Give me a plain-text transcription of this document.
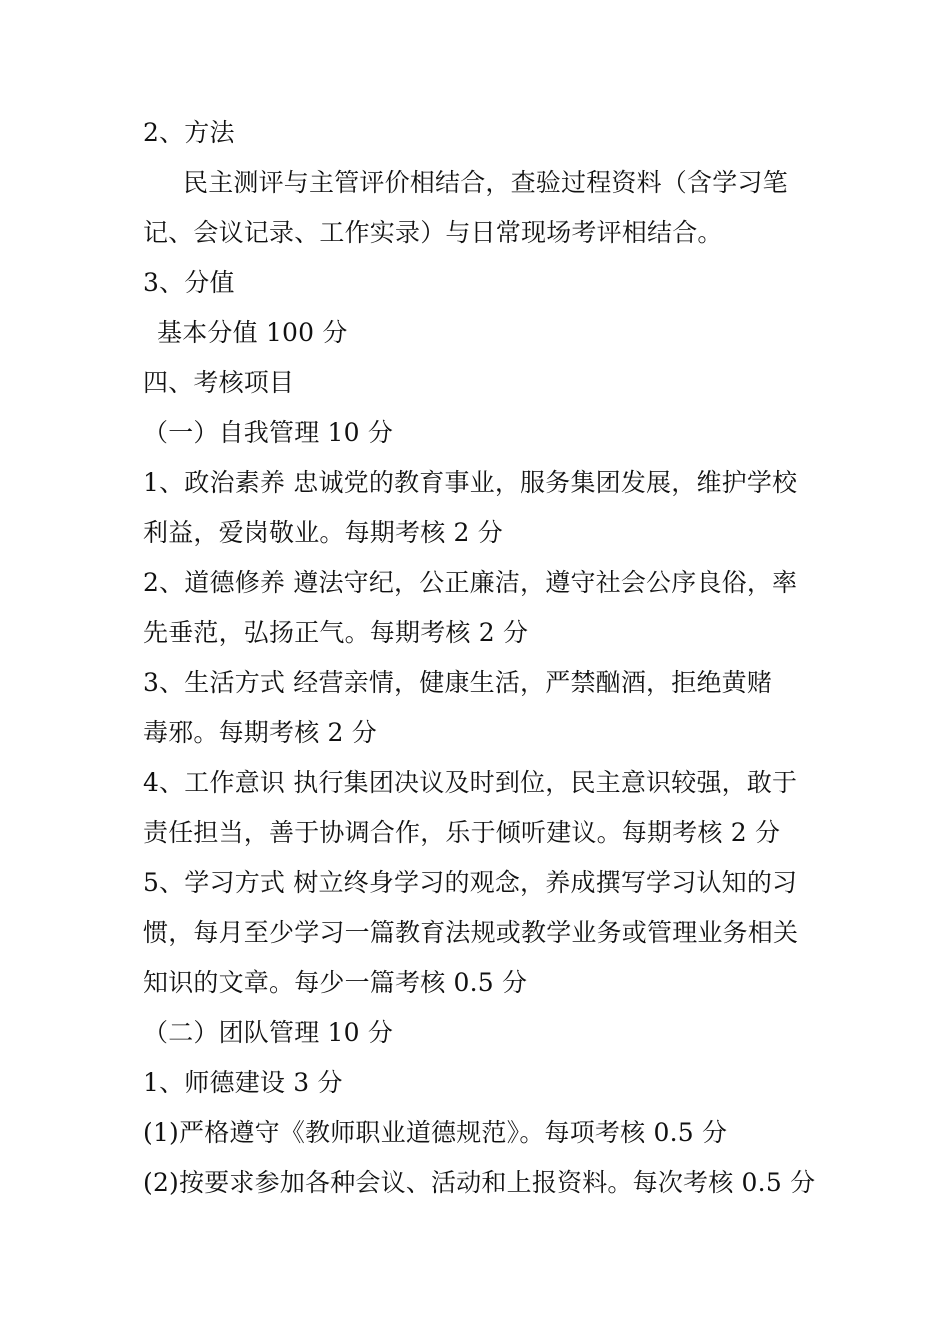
2、方法
民主测评与主管评价相结合，查验过程资料（含学习笔
记、会议记录、工作实录）与日常现场考评相结合。
3、分值
基本分值 100 分
四、考核项目
（一）自我管理 10 分
1、政治素养 忠诚党的教育事业，服务集团发展，维护学校
利益，爱岗敬业。每期考核 2 分
2、道德修养 遵法守纪，公正廉洁，遵守社会公序良俗，率
先垂范，弘扬正气。每期考核 2 分
3、生活方式 经营亲情，健康生活，严禁酗酒，拒绝黄赌
毒邪。每期考核 2 分
4、工作意识 执行集团决议及时到位，民主意识较强，敢于
责任担当，善于协调合作，乐于倾听建议。每期考核 2 分
5、学习方式 树立终身学习的观念，养成撰写学习认知的习
惯，每月至少学习一篇教育法规或教学业务或管理业务相关
知识的文章。每少一篇考核 0.5 分
（二）团队管理 10 分
1、师德建设 3 分
(1)严格遵守《教师职业道德规范》。每项考核 0.5 分
(2)按要求参加各种会议、活动和上报资料。每次考核 0.5 分
